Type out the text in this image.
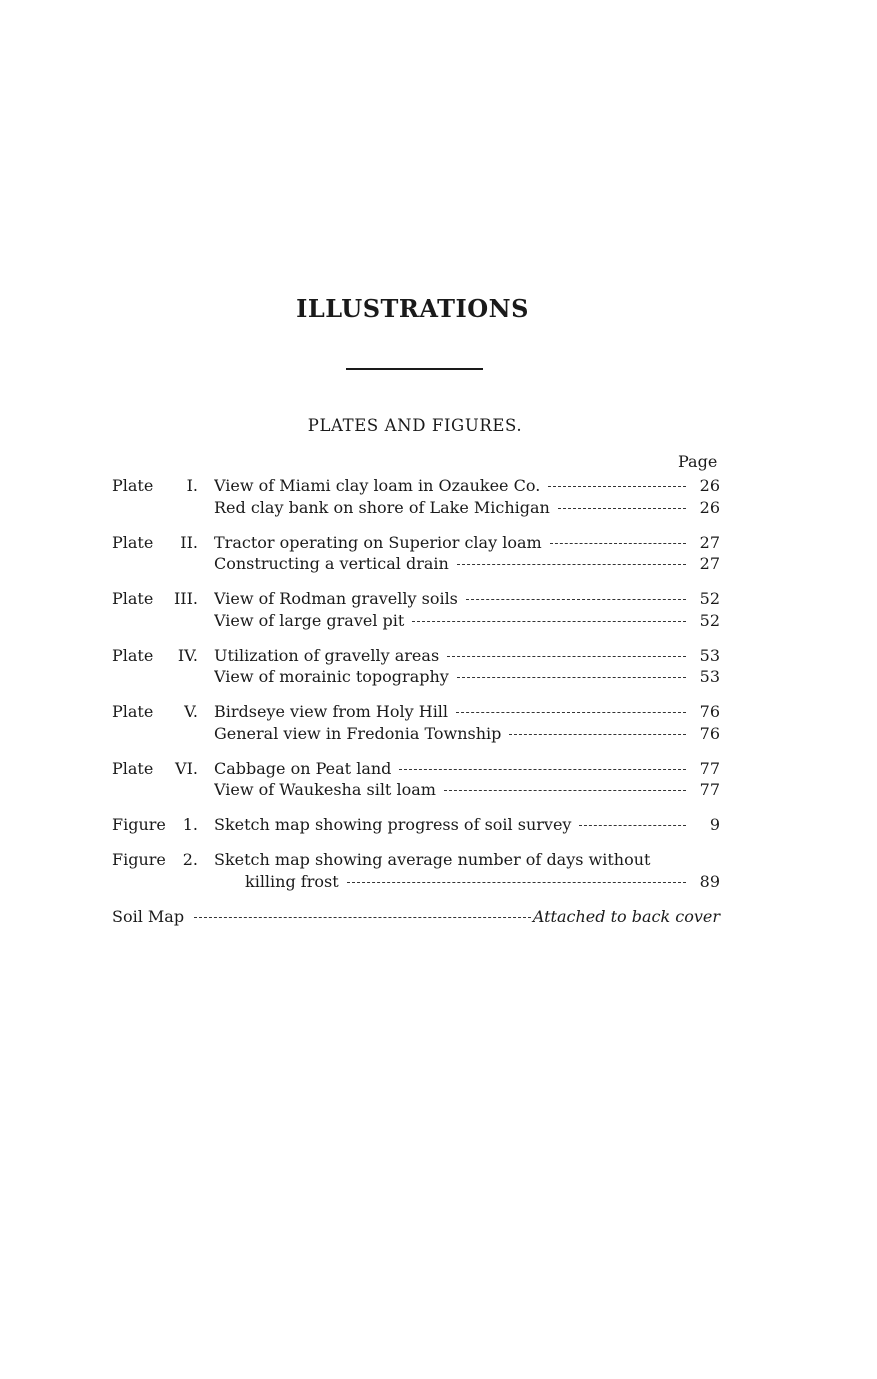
ILLUSTRATIONS
PLATES AND FIGURES.
Page
Plate I. View of Miami clay loam in Ozaukee Co.	26
Red clay bank on shore of Lake Michigan	26
Plate II. Tractor operating on Superior clay loam	27
Constructing a vertical drain	27
Plate III. View of Rodman gravelly soils	52
View of large gravel pit	52
Plate IV. Utilization of gravelly areas	53
View of morainic topography	53
Plate V. Birdseye view from Holy Hill	76
General view in Fredonia Township	76
Plate VI. Cabbage on Peat land	77
View of Waukesha silt loam	77
Figure 1. Sketch map showing progress of soil survey	9
Figure 2. Sketch map showing average number of days without
killing frost	89
Soil Map	Attached to back cover
